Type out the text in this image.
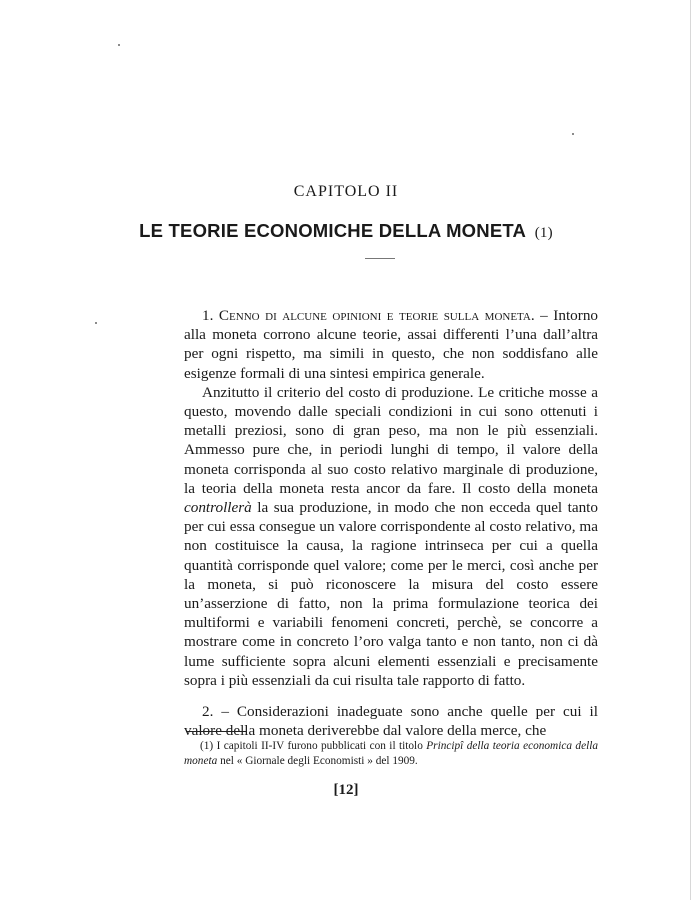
CAPITOLO II
LE TEORIE ECONOMICHE DELLA MONETA (1)

1. Cenno di alcune opinioni e teorie sulla moneta. – Intorno alla moneta corrono alcune teorie, assai differenti l’una dall’altra per ogni rispetto, ma simili in questo, che non soddisfano alle esigenze formali di una sintesi empirica generale.

Anzitutto il criterio del costo di produzione. Le critiche mosse a questo, movendo dalle speciali condizioni in cui sono ottenuti i metalli preziosi, sono di gran peso, ma non le più essenziali. Ammesso pure che, in periodi lunghi di tempo, il valore della moneta corrisponda al suo costo relativo marginale di produzione, la teoria della moneta resta ancor da fare. Il costo della moneta controllerà la sua produzione, in modo che non ecceda quel tanto per cui essa consegue un valore corrispondente al costo relativo, ma non costituisce la causa, la ragione intrinseca per cui a quella quantità corrisponde quel valore; come per le merci, così anche per la moneta, si può riconoscere la misura del costo essere un’asserzione di fatto, non la prima formulazione teorica dei multiformi e variabili fenomeni concreti, perchè, se concorre a mostrare come in concreto l’oro valga tanto e non tanto, non ci dà lume sufficiente sopra alcuni elementi essenziali e precisamente sopra i più essenziali da cui risulta tale rapporto di fatto.

2. – Considerazioni inadeguate sono anche quelle per cui il valore della moneta deriverebbe dal valore della merce, che

(1) I capitoli II-IV furono pubblicati con il titolo Principî della teoria economica della moneta nel « Giornale degli Economisti » del 1909.

[12]
